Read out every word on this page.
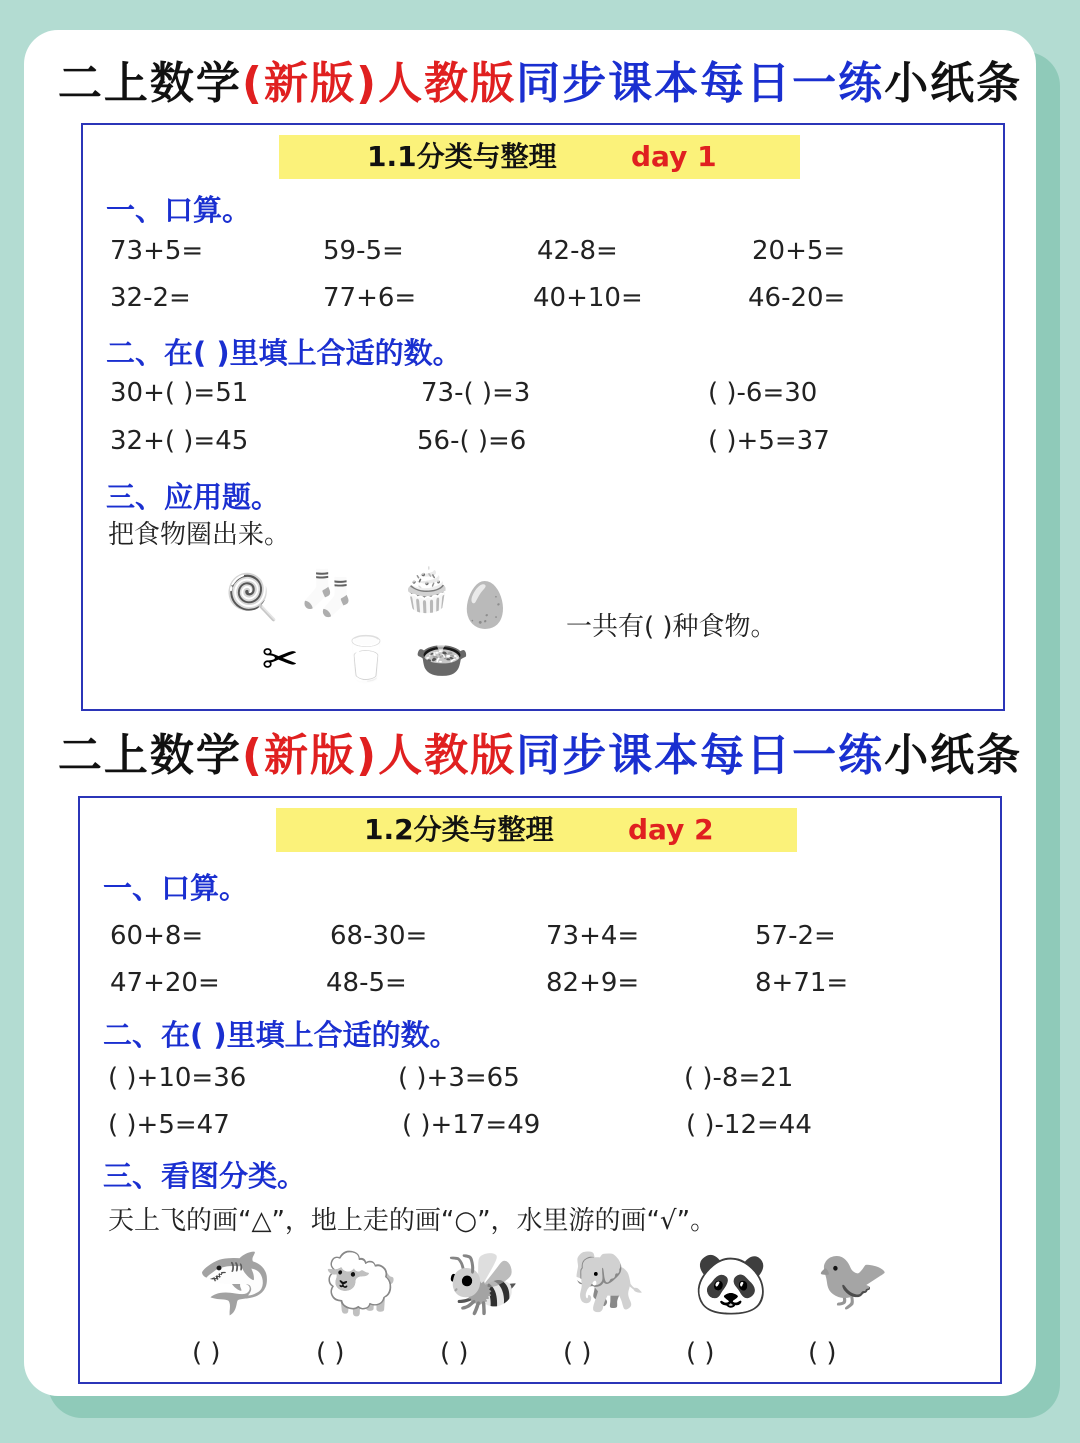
二上数学(新版)人教版同步课本每日一练小纸条
1.1分类与整理	day 1
一、口算。
73+5=	59-5=	42-8=	20+5=
32-2=	77+6=	40+10=	46-20=
二、在( )里填上合适的数。
30+( )=51	73-( )=3	( )-6=30
32+( )=45	56-( )=6	( )+5=37
三、应用题。
把食物圈出来。
🍭 🧦 🧁 🥚
✂ 🥛 🍲
一共有( )种食物。
二上数学(新版)人教版同步课本每日一练小纸条
1.2分类与整理	day 2
一、口算。
60+8=	68-30=	73+4=	57-2=
47+20=	48-5=	82+9=	8+71=
二、在( )里填上合适的数。
( )+10=36	( )+3=65	( )-8=21
( )+5=47	( )+17=49	( )-12=44
三、看图分类。
天上飞的画“△”，地上走的画“○”，水里游的画“√”。
🦈 🐑 🐝 🐘 🐼 🐦
( )	( )	( )	( )	( )	( )
